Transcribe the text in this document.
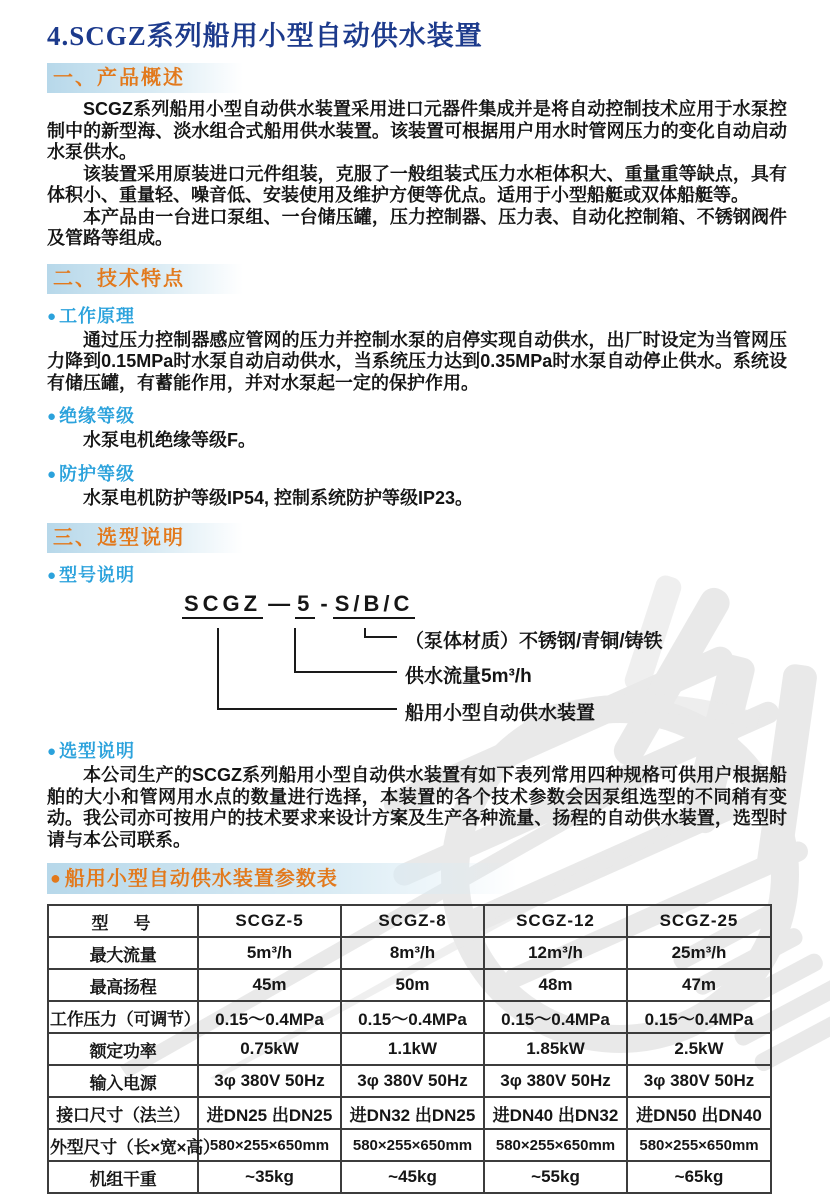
4.SCGZ系列船用小型自动供水装置
一、产品概述

SCGZ系列船用小型自动供水装置采用进口元器件集成并是将自动控制技术应用于水泵控制中的新型海、淡水组合式船用供水装置。该装置可根据用户用水时管网压力的变化自动启动水泵供水。

该装置采用原装进口元件组装，克服了一般组装式压力水柜体积大、重量重等缺点，具有体积小、重量轻、噪音低、安装使用及维护方便等优点。适用于小型船艇或双体船艇等。

本产品由一台进口泵组、一台储压罐，压力控制器、压力表、自动化控制箱、不锈钢阀件及管路等组成。

二、技术特点
● 工作原理

通过压力控制器感应管网的压力并控制水泵的启停实现自动供水，出厂时设定为当管网压力降到0.15MPa时水泵自动启动供水，当系统压力达到0.35MPa时水泵自动停止供水。系统设有储压罐，有蓄能作用，并对水泵起一定的保护作用。

● 绝缘等级

水泵电机绝缘等级F。

● 防护等级

水泵电机防护等级IP54, 控制系统防护等级IP23。

三、选型说明
● 型号说明
SCGZ — 5 - S/B/C
（泵体材质）不锈钢/青铜/铸铁
供水流量5m³/h
船用小型自动供水装置
● 选型说明

本公司生产的SCGZ系列船用小型自动供水装置有如下表列常用四种规格可供用户根据船舶的大小和管网用水点的数量进行选择，本装置的各个技术参数会因泵组选型的不同稍有变动。我公司亦可按用户的技术要求来设计方案及生产各种流量、扬程的自动供水装置，选型时请与本公司联系。

● 船用小型自动供水装置参数表
型　号	SCGZ-5	SCGZ-8	SCGZ-12	SCGZ-25
最大流量	5m³/h	8m³/h	12m³/h	25m³/h
最高扬程	45m	50m	48m	47m
工作压力（可调节）	0.15～0.4MPa	0.15～0.4MPa	0.15～0.4MPa	0.15～0.4MPa
额定功率	0.75kW	1.1kW	1.85kW	2.5kW
输入电源	3φ 380V 50Hz	3φ 380V 50Hz	3φ 380V 50Hz	3φ 380V 50Hz
接口尺寸（法兰）	进DN25 出DN25	进DN32 出DN25	进DN40 出DN32	进DN50 出DN40
外型尺寸（长×宽×高）	580×255×650mm	580×255×650mm	580×255×650mm	580×255×650mm
机组干重	~35kg	~45kg	~55kg	~65kg
